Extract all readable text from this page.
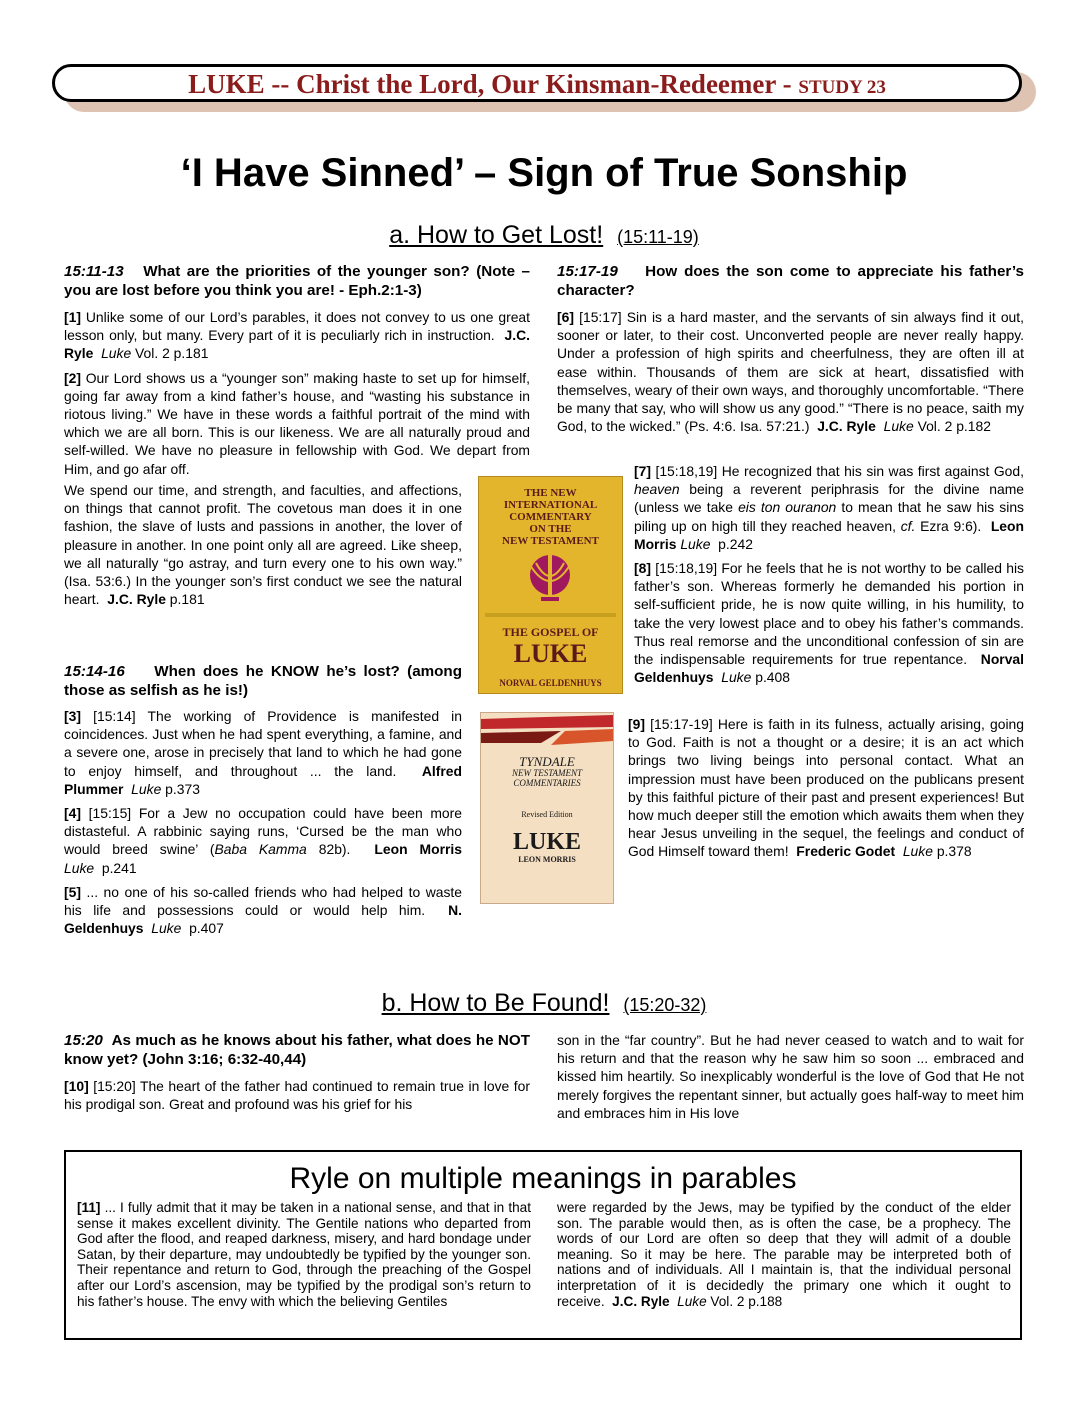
LUKE -- Christ the Lord, Our Kinsman-Redeemer - STUDY 23
‘I Have Sinned’ – Sign of True Sonship
a. How to Get Lost! (15:11-19)
15:11-13 What are the priorities of the younger son? (Note – you are lost before you think you are! - Eph.2:1-3)

[1] Unlike some of our Lord’s parables, it does not convey to us one great lesson only, but many. Every part of it is peculiarly rich in instruction. J.C. Ryle Luke Vol. 2 p.181

[2] Our Lord shows us a “younger son” making haste to set up for himself, going far away from a kind father’s house, and “wasting his substance in riotous living.” We have in these words a faithful portrait of the mind with which we are all born. This is our likeness. We are all naturally proud and self-willed. We have no pleasure in fellowship with God. We depart from Him, and go afar off.

We spend our time, and strength, and faculties, and affections, on things that cannot profit. The covetous man does it in one fashion, the slave of lusts and passions in another, the lover of pleasure in another. In one point only all are agreed. Like sheep, we all naturally “go astray, and turn every one to his own way.” (Isa. 53:6.) In the younger son’s first conduct we see the natural heart. J.C. Ryle p.181

15:14-16 When does he KNOW he’s lost? (among those as selfish as he is!)

[3] [15:14] The working of Providence is manifested in coincidences. Just when he had spent everything, a famine, and a severe one, arose in precisely that land to which he had gone to enjoy himself, and throughout ... the land. Alfred Plummer Luke p.373

[4] [15:15] For a Jew no occupation could have been more distasteful. A rabbinic saying runs, ‘Cursed be the man who would breed swine’ (Baba Kamma 82b). Leon Morris Luke p.241

[5] ... no one of his so-called friends who had helped to waste his life and possessions could or would help him. N. Geldenhuys Luke p.407

15:17-19 How does the son come to appreciate his father’s character?

[6] [15:17] Sin is a hard master, and the servants of sin always find it out, sooner or later, to their cost. Unconverted people are never really happy. Under a profession of high spirits and cheerfulness, they are often ill at ease within. Thousands of them are sick at heart, dissatisfied with themselves, weary of their own ways, and thoroughly uncomfortable. “There be many that say, who will show us any good.” “There is no peace, saith my God, to the wicked.” (Ps. 4:6. Isa. 57:21.) J.C. Ryle Luke Vol. 2 p.182

[7] [15:18,19] He recognized that his sin was first against God, heaven being a reverent periphrasis for the divine name (unless we take eis ton ouranon to mean that he saw his sins piling up on high till they reached heaven, cf. Ezra 9:6). Leon Morris Luke p.242

[8] [15:18,19] For he feels that he is not worthy to be called his father’s son. Whereas formerly he demanded his portion in self-sufficient pride, he is now quite willing, in his humility, to take the very lowest place and to obey his father’s commands. Thus real remorse and the unconditional confession of sin are the indispensable requirements for true repentance. Norval Geldenhuys Luke p.408

[9] [15:17-19] Here is faith in its fulness, actually arising, going to God. Faith is not a thought or a desire; it is an act which brings two living beings into personal contact. What an impression must have been produced on the publicans present by this faithful picture of their past and present experiences! But how much deeper still the emotion which awaits them when they hear Jesus unveiling in the sequel, the feelings and conduct of God Himself toward them! Frederic Godet Luke p.378

THE NEW
INTERNATIONAL
COMMENTARY
ON THE
NEW TESTAMENT
THE GOSPEL OF
LUKE
NORVAL GELDENHUYS
TYNDALE
NEW TESTAMENT
COMMENTARIES
Revised Edition
LUKE
LEON MORRIS
b. How to Be Found! (15:20-32)
15:20 As much as he knows about his father, what does he NOT know yet? (John 3:16; 6:32-40,44)

[10] [15:20] The heart of the father had continued to remain true in love for his prodigal son. Great and profound was his grief for his

son in the “far country”. But he had never ceased to watch and to wait for his return and that the reason why he saw him so soon ... embraced and kissed him heartily. So inexplicably wonderful is the love of God that He not merely forgives the repentant sinner, but actually goes half-way to meet him and embraces him in His love

Ryle on multiple meanings in parables

[11] ... I fully admit that it may be taken in a national sense, and that in that sense it makes excellent divinity. The Gentile nations who departed from God after the flood, and reaped darkness, misery, and hard bondage under Satan, by their departure, may undoubtedly be typified by the younger son. Their repentance and return to God, through the preaching of the Gospel after our Lord’s ascension, may be typified by the prodigal son’s return to his father’s house. The envy with which the believing Gentiles

were regarded by the Jews, may be typified by the conduct of the elder son. The parable would then, as is often the case, be a prophecy. The words of our Lord are often so deep that they will admit of a double meaning. So it may be here. The parable may be interpreted both of nations and of individuals. All I maintain is, that the individual personal interpretation of it is decidedly the primary one which it ought to receive. J.C. Ryle Luke Vol. 2 p.188
